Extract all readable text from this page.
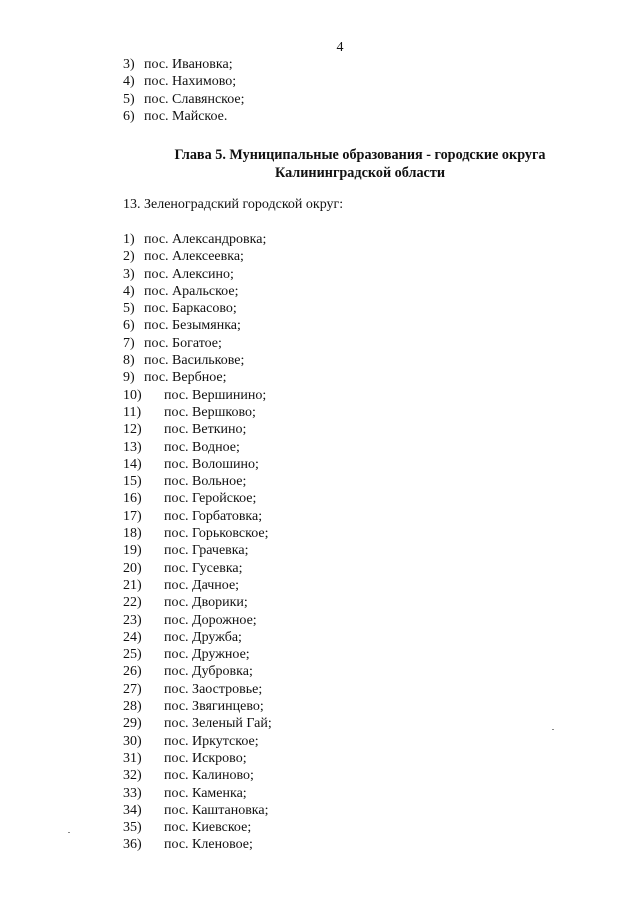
4
3) пос. Ивановка;
4) пос. Нахимово;
5) пос. Славянское;
6) пос. Майское.
Глава 5. Муниципальные образования - городские округа
Калининградской области
13. Зеленоградский городской округ:
1) пос. Александровка;
2) пос. Алексеевка;
3) пос. Алексино;
4) пос. Аральское;
5) пос. Баркасово;
6) пос. Безымянка;
7) пос. Богатое;
8) пос. Василькове;
9) пос. Вербное;
10) пос. Вершинино;
11) пос. Вершково;
12) пос. Веткино;
13) пос. Водное;
14) пос. Волошино;
15) пос. Вольное;
16) пос. Геройское;
17) пос. Горбатовка;
18) пос. Горьковское;
19) пос. Грачевка;
20) пос. Гусевка;
21) пос. Дачное;
22) пос. Дворики;
23) пос. Дорожное;
24) пос. Дружба;
25) пос. Дружное;
26) пос. Дубровка;
27) пос. Заостровье;
28) пос. Звягинцево;
29) пос. Зеленый Гай;
30) пос. Иркутское;
31) пос. Искрово;
32) пос. Калиново;
33) пос. Каменка;
34) пос. Каштановка;
35) пос. Киевское;
36) пос. Кленовое;
